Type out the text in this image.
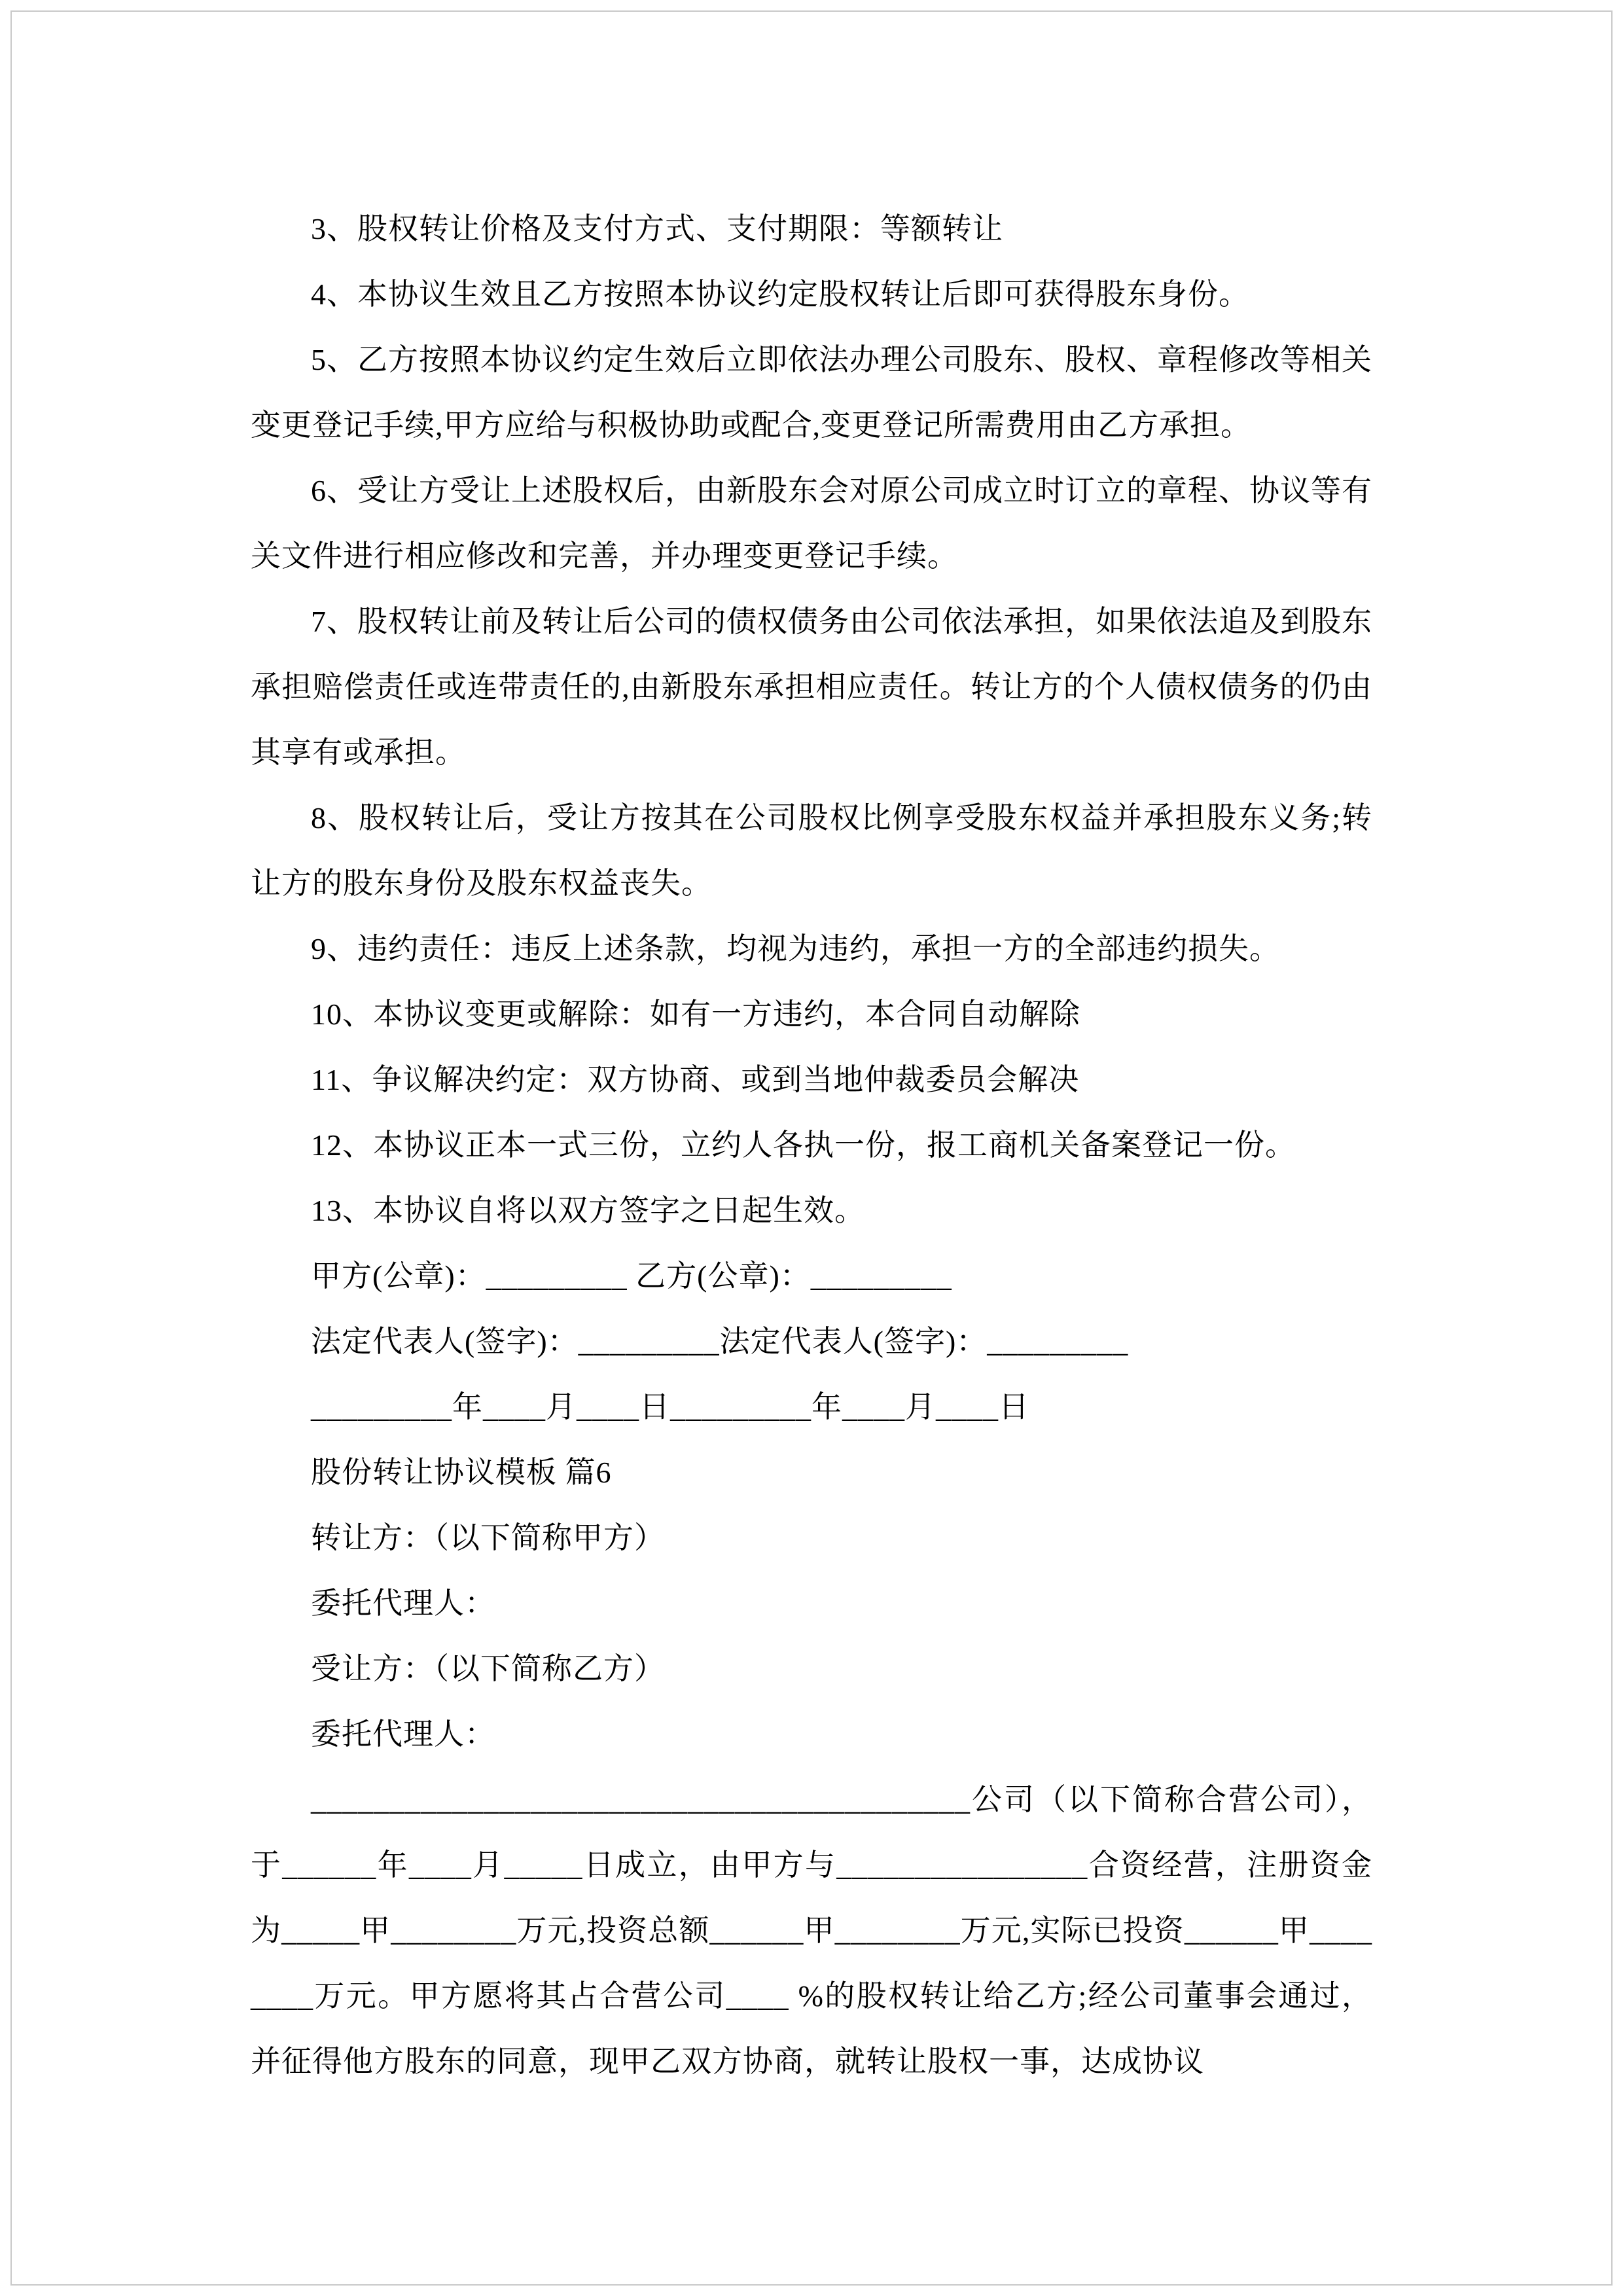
3、股权转让价格及支付方式、支付期限：等额转让

4、本协议生效且乙方按照本协议约定股权转让后即可获得股东身份。

5、乙方按照本协议约定生效后立即依法办理公司股东、股权、章程修改等相关变更登记手续,甲方应给与积极协助或配合,变更登记所需费用由乙方承担。

6、受让方受让上述股权后，由新股东会对原公司成立时订立的章程、协议等有关文件进行相应修改和完善，并办理变更登记手续。

7、股权转让前及转让后公司的债权债务由公司依法承担，如果依法追及到股东承担赔偿责任或连带责任的,由新股东承担相应责任。转让方的个人债权债务的仍由其享有或承担。

8、股权转让后，受让方按其在公司股权比例享受股东权益并承担股东义务;转让方的股东身份及股东权益丧失。

9、违约责任：违反上述条款，均视为违约，承担一方的全部违约损失。

10、本协议变更或解除：如有一方违约，本合同自动解除

11、争议解决约定：双方协商、或到当地仲裁委员会解决

12、本协议正本一式三份，立约人各执一份，报工商机关备案登记一份。

13、本协议自将以双方签字之日起生效。

甲方(公章)：_________ 乙方(公章)：_________

法定代表人(签字)：_________法定代表人(签字)：_________

_________年____月____日_________年____月____日

股份转让协议模板 篇6

转让方：（以下简称甲方）

委托代理人：

受让方：（以下简称乙方）

委托代理人：

__________________________________________公司（以下简称合营公司），于______年____月_____日成立，由甲方与________________合资经营，注册资金为_____甲________万元,投资总额______甲________万元,实际已投资______甲________万元。甲方愿将其占合营公司____ %的股权转让给乙方;经公司董事会通过，并征得他方股东的同意，现甲乙双方协商，就转让股权一事，达成协议
